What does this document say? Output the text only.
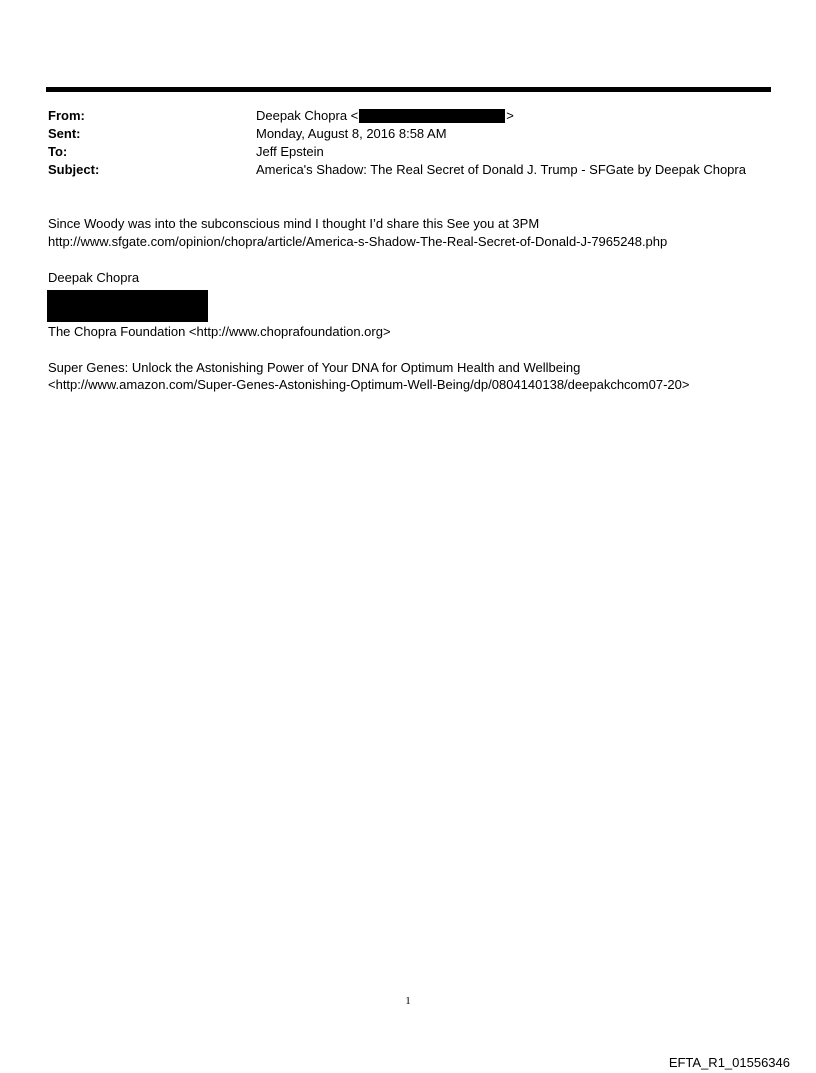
From:	Deepak Chopra <	>
Sent:	Monday, August 8, 2016 8:58 AM
To:	Jeff Epstein
Subject:	America's Shadow: The Real Secret of Donald J. Trump - SFGate by Deepak Chopra
Since Woody was into the subconscious mind I thought I’d share this See you at 3PM
http://www.sfgate.com/opinion/chopra/article/America-s-Shadow-The-Real-Secret-of-Donald-J-7965248.php
Deepak Chopra
The Chopra Foundation <http://www.choprafoundation.org>
Super Genes: Unlock the Astonishing Power of Your DNA for Optimum Health and Wellbeing
<http://www.amazon.com/Super-Genes-Astonishing-Optimum-Well-Being/dp/0804140138/deepakchcom07-20>
1
EFTA_R1_01556346
